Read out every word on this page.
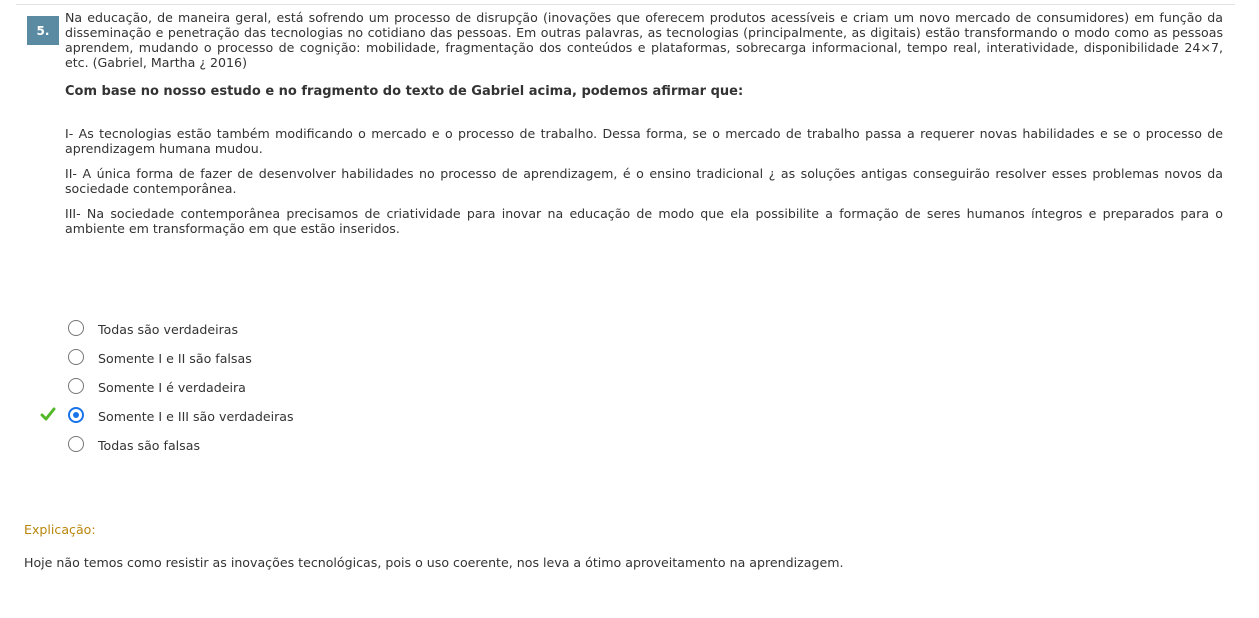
5.

Na educação, de maneira geral, está sofrendo um processo de disrupção (inovações que oferecem produtos acessíveis e criam um novo mercado de consumidores) em função da disseminação e penetração das tecnologias no cotidiano das pessoas. Em outras palavras, as tecnologias (principalmente, as digitais) estão transformando o modo como as pessoas aprendem, mudando o processo de cognição: mobilidade, fragmentação dos conteúdos e plataformas, sobrecarga informacional, tempo real, interatividade, disponibilidade 24×7, etc. (Gabriel, Martha ¿ 2016)

Com base no nosso estudo e no fragmento do texto de Gabriel acima, podemos afirmar que:

I- As tecnologias estão também modificando o mercado e o processo de trabalho. Dessa forma, se o mercado de trabalho passa a requerer novas habilidades e se o processo de aprendizagem humana mudou.

II- A única forma de fazer de desenvolver habilidades no processo de aprendizagem, é o ensino tradicional ¿ as soluções antigas conseguirão resolver esses problemas novos da sociedade contemporânea.

III- Na sociedade contemporânea precisamos de criatividade para inovar na educação de modo que ela possibilite a formação de seres humanos íntegros e preparados para o ambiente em transformação em que estão inseridos.

Todas são verdadeiras
Somente I e II são falsas
Somente I é verdadeira
Somente I e III são verdadeiras
Todas são falsas
Explicação:
Hoje não temos como resistir as inovações tecnológicas, pois o uso coerente, nos leva a ótimo aproveitamento na aprendizagem.
